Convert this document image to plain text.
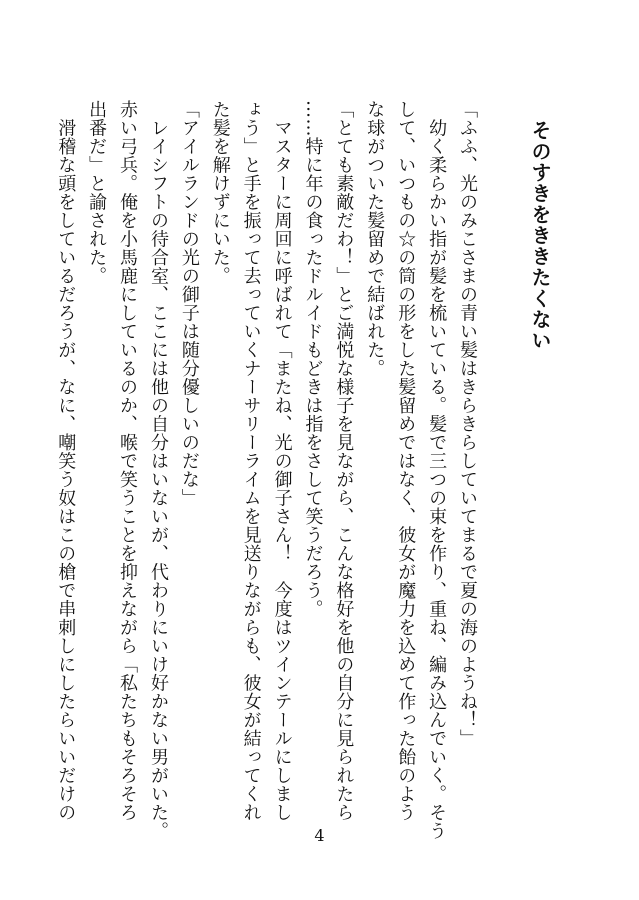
そのすきをききたくない

「ふふ、光のみこさまの青い髪はきらきらしていてまるで夏の海のようね！」

　幼く柔らかい指が髪を梳いている。髪で三つの束を作り、重ね、編み込んでいく。そう

して、いつもの☆の筒の形をした髪留めではなく、彼女が魔力を込めて作った飴のよう

な球がついた髪留めで結ばれた。

「とても素敵だわ！」とご満悦な様子を見ながら、こんな格好を他の自分に見られたら

……特に年の食ったドルイドもどきは指をさして笑うだろう。

　マスターに周回に呼ばれて「またね、光の御子さん！　今度はツインテールにしまし

ょう」と手を振って去っていくナーサリーライムを見送りながらも、彼女が結ってくれ

た髪を解けずにいた。

「アイルランドの光の御子は随分優しいのだな」

　レイシフトの待合室、ここには他の自分はいないが、代わりにいけ好かない男がいた。

赤い弓兵。俺を小馬鹿にしているのか、喉で笑うことを抑えながら「私たちもそろそろ

出番だ」と諭された。

　滑稽な頭をしているだろうが、なに、嘲笑う奴はこの槍で串刺しにしたらいいだけの

4
